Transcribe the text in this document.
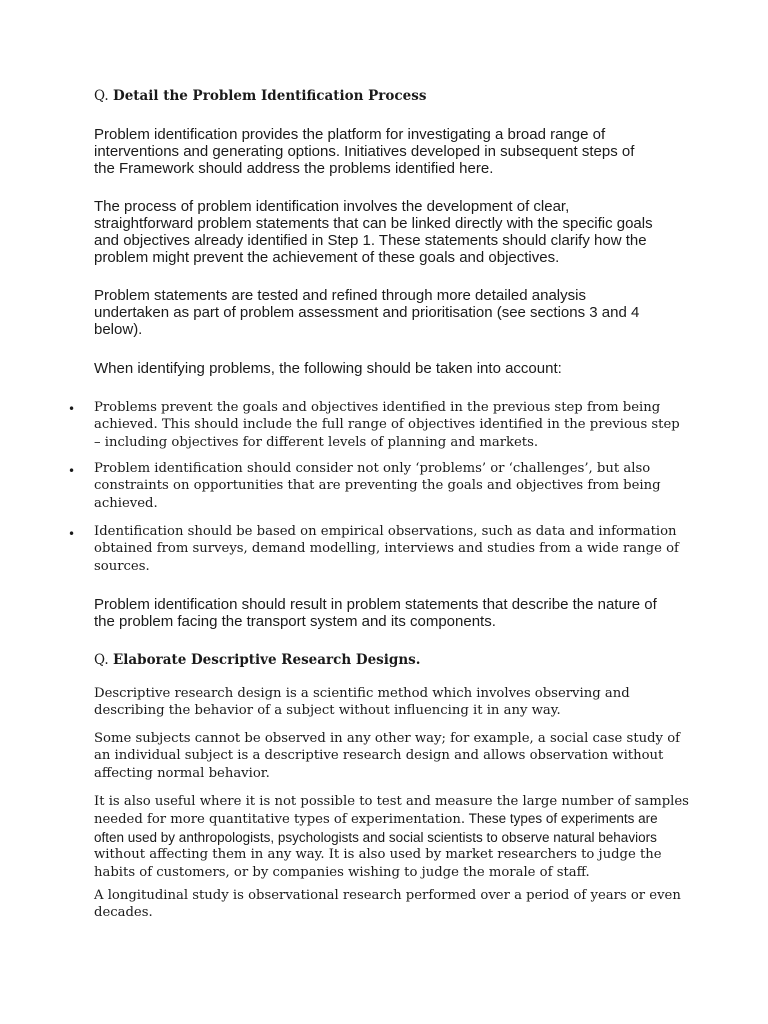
Q. Detail the Problem Identification Process
Problem identification provides the platform for investigating a broad range of
interventions and generating options. Initiatives developed in subsequent steps of
the Framework should address the problems identified here.
The process of problem identification involves the development of clear,
straightforward problem statements that can be linked directly with the specific goals
and objectives already identified in Step 1. These statements should clarify how the
problem might prevent the achievement of these goals and objectives.
Problem statements are tested and refined through more detailed analysis
undertaken as part of problem assessment and prioritisation (see sections 3 and 4
below).
When identifying problems, the following should be taken into account:
• Problems prevent the goals and objectives identified in the previous step from being
achieved. This should include the full range of objectives identified in the previous step
– including objectives for different levels of planning and markets.
• Problem identification should consider not only ‘problems’ or ‘challenges’, but also
constraints on opportunities that are preventing the goals and objectives from being
achieved.
• Identification should be based on empirical observations, such as data and information
obtained from surveys, demand modelling, interviews and studies from a wide range of
sources.
Problem identification should result in problem statements that describe the nature of
the problem facing the transport system and its components.
Q. Elaborate Descriptive Research Designs.
Descriptive research design is a scientific method which involves observing and
describing the behavior of a subject without influencing it in any way.
Some subjects cannot be observed in any other way; for example, a social case study of
an individual subject is a descriptive research design and allows observation without
affecting normal behavior.
It is also useful where it is not possible to test and measure the large number of samples
needed for more quantitative types of experimentation. These types of experiments are
often used by anthropologists, psychologists and social scientists to observe natural behaviors
without affecting them in any way. It is also used by market researchers to judge the
habits of customers, or by companies wishing to judge the morale of staff.
A longitudinal study is observational research performed over a period of years or even
decades.
